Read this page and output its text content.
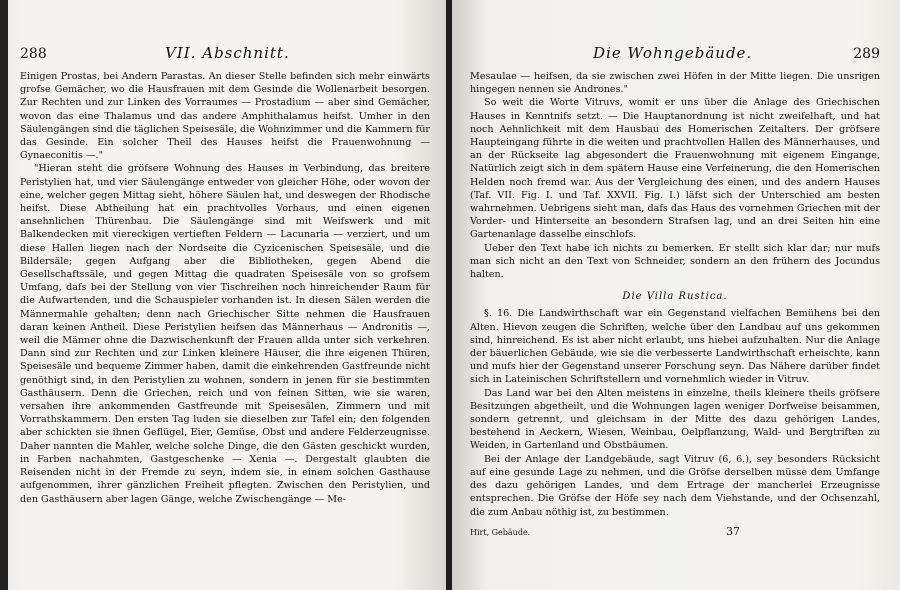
288	VII. Abschnitt.

Einigen Prostas, bei Andern Parastas. An dieser Stelle befinden sich mehr einwärts grofse Gemächer, wo die Hausfrauen mit dem Gesinde die Wollenarbeit besorgen. Zur Rechten und zur Linken des Vorraumes — Prostadium — aber sind Gemächer, wovon das eine Thalamus und das andere Amphithalamus heifst. Umher in den Säulengängen sind die täglichen Speisesäle, die Wohnzimmer und die Kammern für das Gesinde. Ein solcher Theil des Hauses heifst die Frauenwohnung — Gynaeconitis —."

"Hieran steht die gröfsere Wohnung des Hauses in Verbindung, das breitere Peristylien hat, und vier Säulengänge entweder von gleicher Höhe, oder wovon der eine, welcher gegen Mittag sieht, höhere Säulen hat, und deswegen der Rhodische heifst. Diese Abtheilung hat ein prachtvolles Vorhaus, und einen eigenen ansehnlichen Thürenbau. Die Säulengänge sind mit Weifswerk und mit Balkendecken mit viereckigen vertieften Feldern — Lacunaria — verziert, und um diese Hallen liegen nach der Nordseite die Cyzicenischen Speisesäle, und die Bildersäle; gegen Aufgang aber die Bibliotheken, gegen Abend die Gesellschaftssäle, und gegen Mittag die quadraten Speisesäle von so grofsem Umfang, dafs bei der Stellung von vier Tischreihen noch hinreichender Raum für die Aufwartenden, und die Schauspieler vorhanden ist. In diesen Sälen werden die Männermahle gehalten; denn nach Griechischer Sitte nehmen die Hausfrauen daran keinen Antheil. Diese Peristylien heifsen das Männerhaus — Andronitis —, weil die Männer ohne die Dazwischenkunft der Frauen allda unter sich verkehren. Dann sind zur Rechten und zur Linken kleinere Häuser, die ihre eigenen Thüren, Speisesäle und bequeme Zimmer haben, damit die einkehrenden Gastfreunde nicht genöthigt sind, in den Peristylien zu wohnen, sondern in jenen für sie bestimmten Gasthäusern. Denn die Griechen, reich und von feinen Sitten, wie sie waren, versahen ihre ankommenden Gastfreunde mit Speisesälen, Zimmern und mit Vorrathskammern. Den ersten Tag luden sie dieselben zur Tafel ein; den folgenden aber schickten sie ihnen Geflügel, Eier, Gemüse, Obst und andere Felderzeugnisse. Daher nannten die Mahler, welche solche Dinge, die den Gästen geschickt wurden, in Farben nachahmten, Gastgeschenke — Xenia —. Dergestalt glaubten die Reisenden nicht in der Fremde zu seyn, indem sie, in einem solchen Gasthause aufgenommen, ihrer gänzlichen Freiheit pflegten. Zwischen den Peristylien, und den Gasthäusern aber lagen Gänge, welche Zwischengänge — Me-

Die Wohngebäude.	289

Mesaulae — heifsen, da sie zwischen zwei Höfen in der Mitte liegen. Die unsrigen hingegen nennen sie Andrones."

So weit die Worte Vitruvs, womit er uns über die Anlage des Griechischen Hauses in Kenntnifs setzt. — Die Hauptanordnung ist nicht zweifelhaft, und hat noch Aehnlichkeit mit dem Hausbau des Homerischen Zeitalters. Der gröfsere Haupteingang führte in die weiten und prachtvollen Hallen des Männerhauses, und an der Rückseite lag abgesondert die Frauenwohnung mit eigenem Eingange, Natürlich zeigt sich in dem spätern Hause eine Verfeinerung, die den Homerischen Helden noch fremd war. Aus der Vergleichung des einen, und des andern Hauses (Taf. VII. Fig. I. und Taf. XXVII. Fig. I.) läfst sich der Unterschied am besten wahrnehmen. Uebrigens sieht man, dafs das Haus des vornehmen Griechen mit der Vorder- und Hinterseite an besondern Strafsen lag, und an drei Seiten hin eine Gartenanlage dasselbe einschlofs.

Ueber den Text habe ich nichts zu bemerken. Er stellt sich klar dar; nur mufs man sich nicht an den Text von Schneider, sondern an den frühern des Jocundus halten.

Die Villa Rustica.

§. 16. Die Landwirthschaft war ein Gegenstand vielfachen Bemühens bei den Alten. Hievon zeugen die Schriften, welche über den Landbau auf uns gekommen sind, hinreichend. Es ist aber nicht erlaubt, uns hiebei aufzuhalten. Nur die Anlage der bäuerlichen Gebäude, wie sie die verbesserte Landwirthschaft erheischte, kann und mufs hier der Gegenstand unserer Forschung seyn. Das Nähere darüber findet sich in Lateinischen Schriftstellern und vornehmlich wieder in Vitruv.

Das Land war bei den Alten meistens in einzelne, theils kleinere theils gröfsere Besitzungen abgetheilt, und die Wohnungen lagen weniger Dorfweise beisammen, sondern getrennt, und gleichsam in der Mitte des dazu gehörigen Landes, bestehend in Aeckern, Wiesen, Weinbau, Oelpflanzung, Wald- und Bergtriften zu Weiden, in Gartenland und Obstbäumen.

Bei der Anlage der Landgebäude, sagt Vitruv (6, 6.), sey besonders Rücksicht auf eine gesunde Lage zu nehmen, und die Gröfse derselben müsse dem Umfange des dazu gehörigen Landes, und dem Ertrage der mancherlei Erzeugnisse entsprechen. Die Gröfse der Höfe sey nach dem Viehstande, und der Ochsenzahl, die zum Anbau nöthig ist, zu bestimmen.

Hirt, Gebäude.	37
